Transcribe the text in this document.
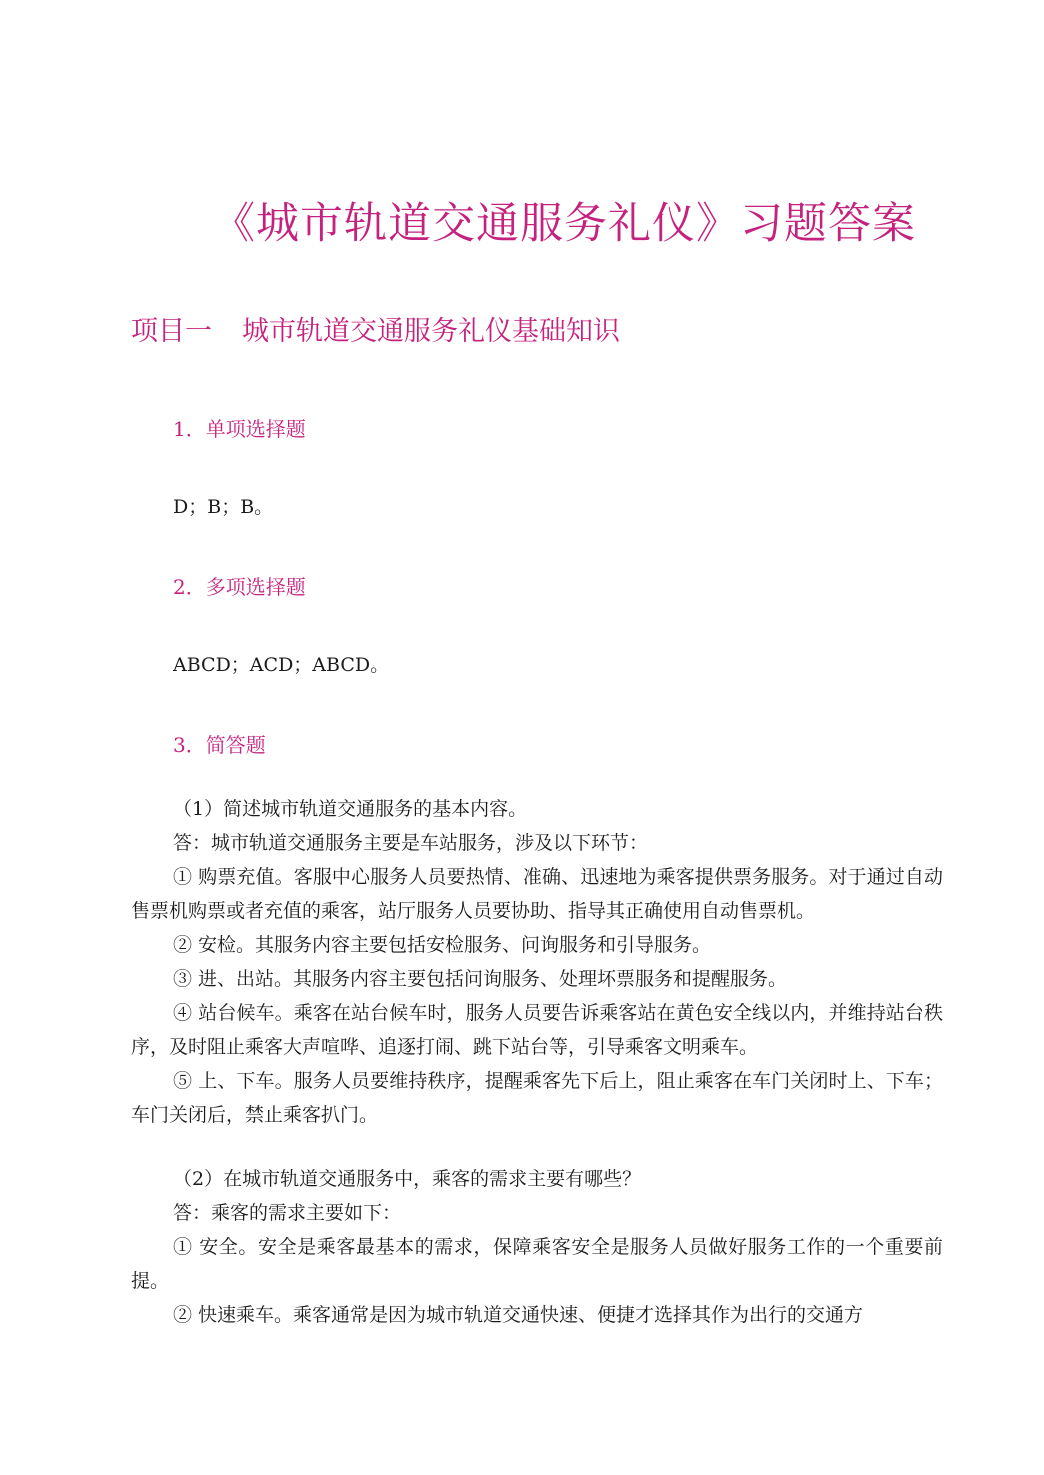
《城市轨道交通服务礼仪》习题答案
项目一 城市轨道交通服务礼仪基础知识
1．单项选择题
D；B；B。
2．多项选择题
ABCD；ACD；ABCD。
3．简答题

（1）简述城市轨道交通服务的基本内容。

答：城市轨道交通服务主要是车站服务，涉及以下环节：

① 购票充值。客服中心服务人员要热情、准确、迅速地为乘客提供票务服务。对于通过自动售票机购票或者充值的乘客，站厅服务人员要协助、指导其正确使用自动售票机。

② 安检。其服务内容主要包括安检服务、问询服务和引导服务。

③ 进、出站。其服务内容主要包括问询服务、处理坏票服务和提醒服务。

④ 站台候车。乘客在站台候车时，服务人员要告诉乘客站在黄色安全线以内，并维持站台秩序，及时阻止乘客大声喧哗、追逐打闹、跳下站台等，引导乘客文明乘车。

⑤ 上、下车。服务人员要维持秩序，提醒乘客先下后上，阻止乘客在车门关闭时上、下车；车门关闭后，禁止乘客扒门。

（2）在城市轨道交通服务中，乘客的需求主要有哪些？

答：乘客的需求主要如下：

① 安全。安全是乘客最基本的需求，保障乘客安全是服务人员做好服务工作的一个重要前提。

② 快速乘车。乘客通常是因为城市轨道交通快速、便捷才选择其作为出行的交通方
